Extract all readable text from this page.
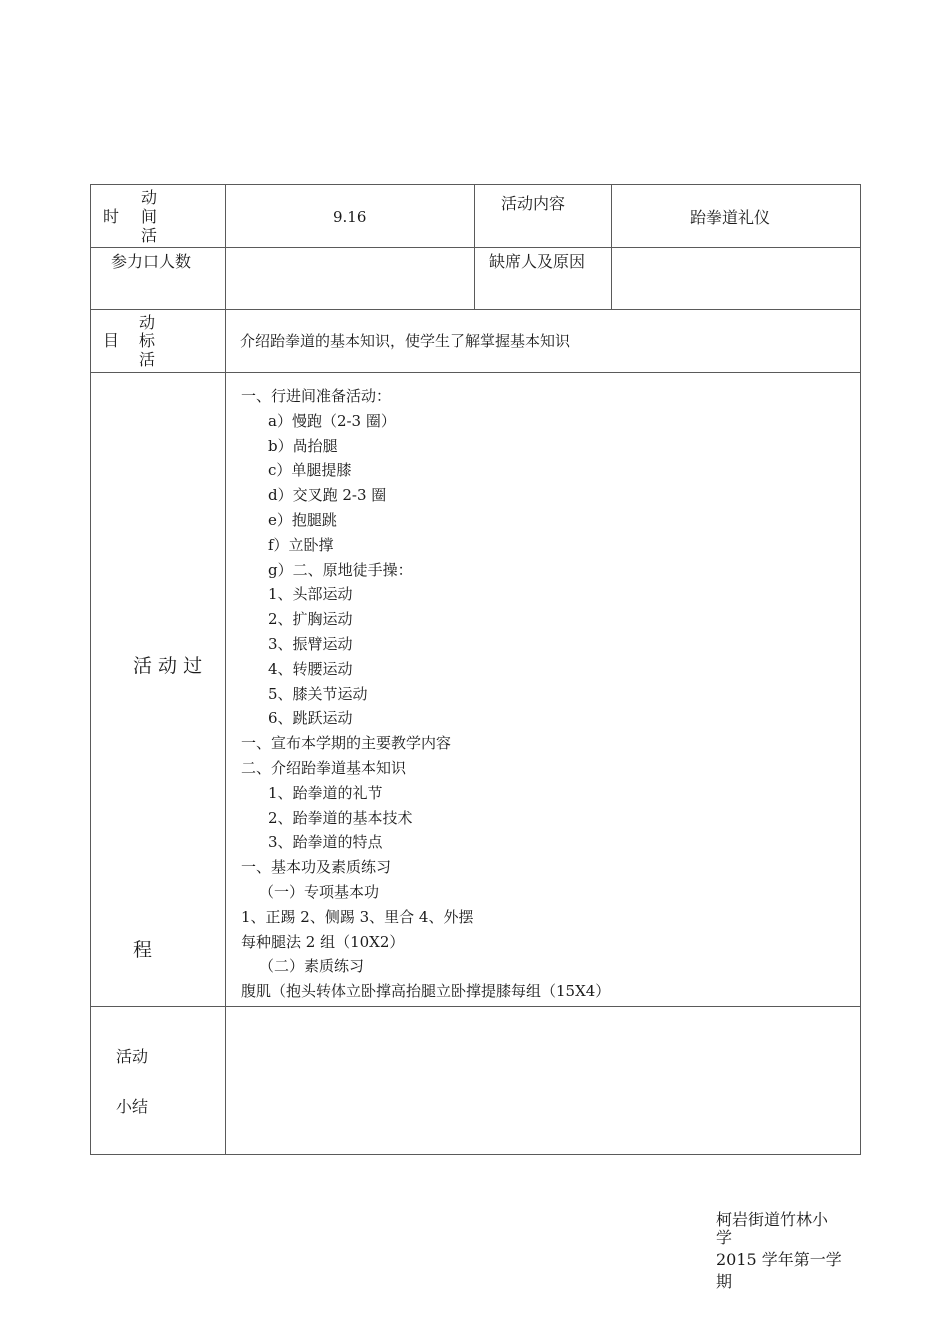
动
时 间
活
9.16
活动内容
跆拳道礼仪
参力口人数	缺席人及原因
动
目 标
活
介绍跆拳道的基本知识，使学生了解掌握基本知识
活 动 过
程
活动
小结
一、行进间准备活动：
a）慢跑（2-3 圈）
b）咼抬腿
c）单腿提膝
d）交叉跑 2-3 圈
e）抱腿跳
f）立卧撑
g）二、原地徒手操：
1、头部运动
2、扩胸运动
3、振臂运动
4、转腰运动
5、膝关节运动
6、跳跃运动
一、宣布本学期的主要教学内容
二、介绍跆拳道基本知识
1、跆拳道的礼节
2、跆拳道的基本技术
3、跆拳道的特点
一、基本功及素质练习
（一）专项基本功
1、正踢 2、侧踢 3、里合 4、外摆
每种腿法 2 组（10X2）
（二）素质练习
腹肌（抱头转体立卧撑高抬腿立卧撑提膝每组（15X4）
柯岩街道竹林小
学
2015 学年第一学
期
